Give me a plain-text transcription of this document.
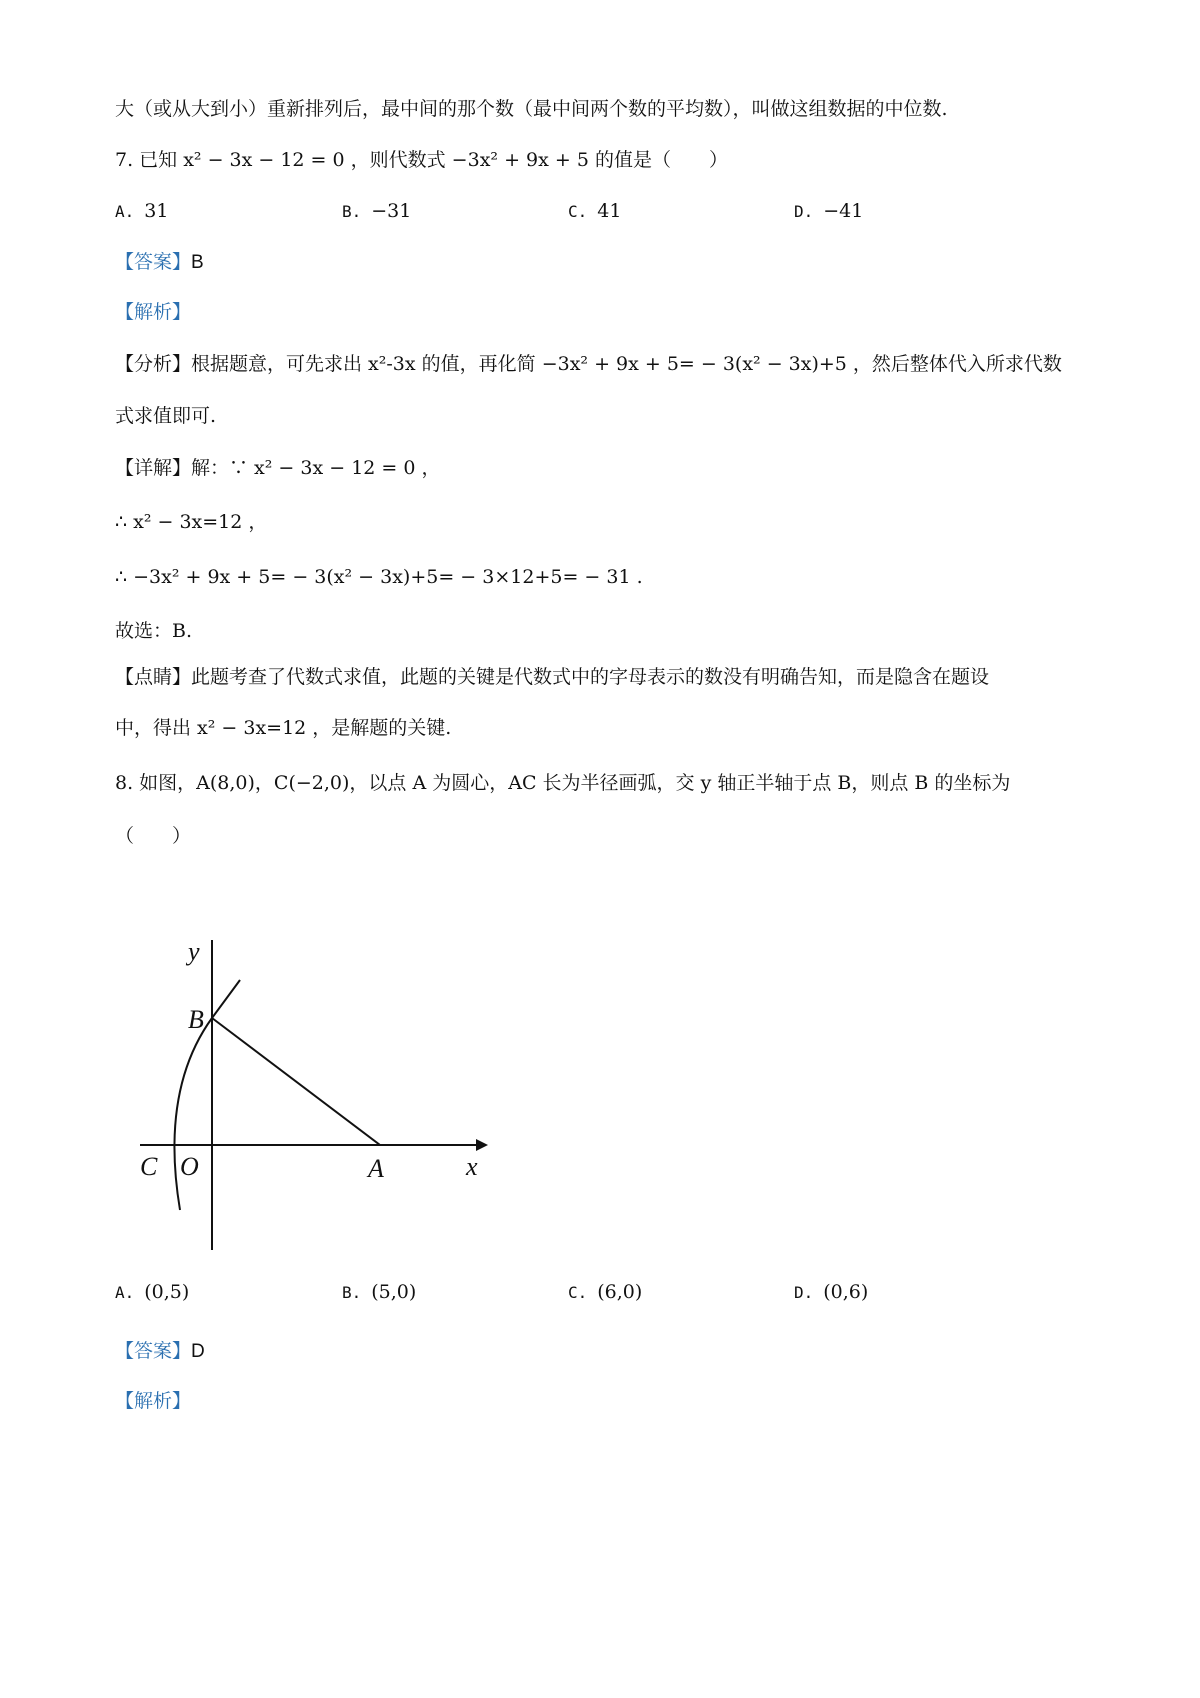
大（或从大到小）重新排列后，最中间的那个数（最中间两个数的平均数），叫做这组数据的中位数.
7. 已知 x² − 3x − 12 = 0 ，则代数式 −3x² + 9x + 5 的值是（　　）
A. 31	B. −31	C. 41	D. −41
【答案】B
【解析】
【分析】根据题意，可先求出 x²-3x 的值，再化简 −3x² + 9x + 5= − 3(x² − 3x)+5 ，然后整体代入所求代数
式求值即可.
【详解】解：∵ x² − 3x − 12 = 0 ，
∴ x² − 3x=12 ，
∴ −3x² + 9x + 5= − 3(x² − 3x)+5= − 3×12+5= − 31 .
故选：B.
【点睛】此题考查了代数式求值，此题的关键是代数式中的字母表示的数没有明确告知，而是隐含在题设
中，得出 x² − 3x=12 ，是解题的关键.
8. 如图，A(8,0)，C(−2,0)，以点 A 为圆心，AC 长为半径画弧，交 y 轴正半轴于点 B，则点 B 的坐标为
（　　）
C O	A	x
B
y
A. (0,5)	B. (5,0)	C. (6,0)	D. (0,6)
【答案】D
【解析】
